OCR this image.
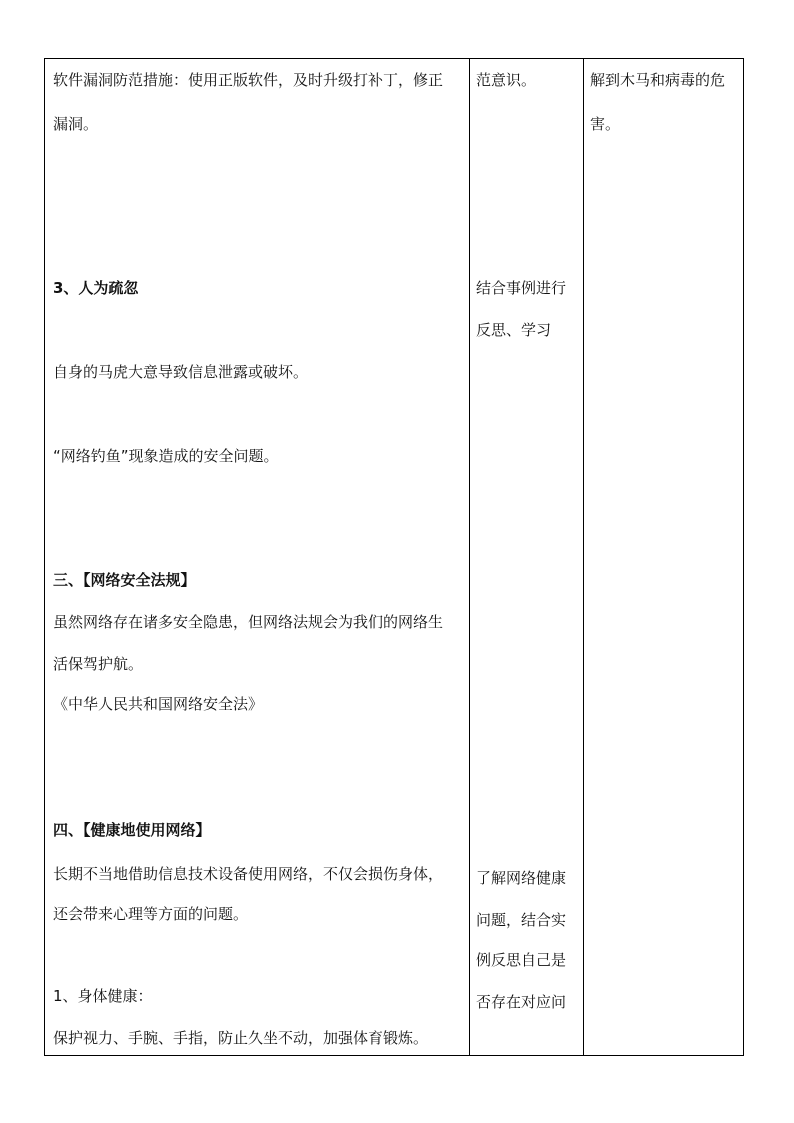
软件漏洞防范措施：使用正版软件，及时升级打补丁，修正
漏洞。
3、人为疏忽
自身的马虎大意导致信息泄露或破坏。
“网络钓鱼”现象造成的安全问题。
三、【网络安全法规】
虽然网络存在诸多安全隐患，但网络法规会为我们的网络生
活保驾护航。
《中华人民共和国网络安全法》
四、【健康地使用网络】
长期不当地借助信息技术设备使用网络，不仅会损伤身体，
还会带来心理等方面的问题。
1、身体健康：
保护视力、手腕、手指，防止久坐不动，加强体育锻炼。

范意识。
结合事例进行
反思、学习
了解网络健康
问题，结合实
例反思自己是
否存在对应问

解到木马和病毒的危
害。
